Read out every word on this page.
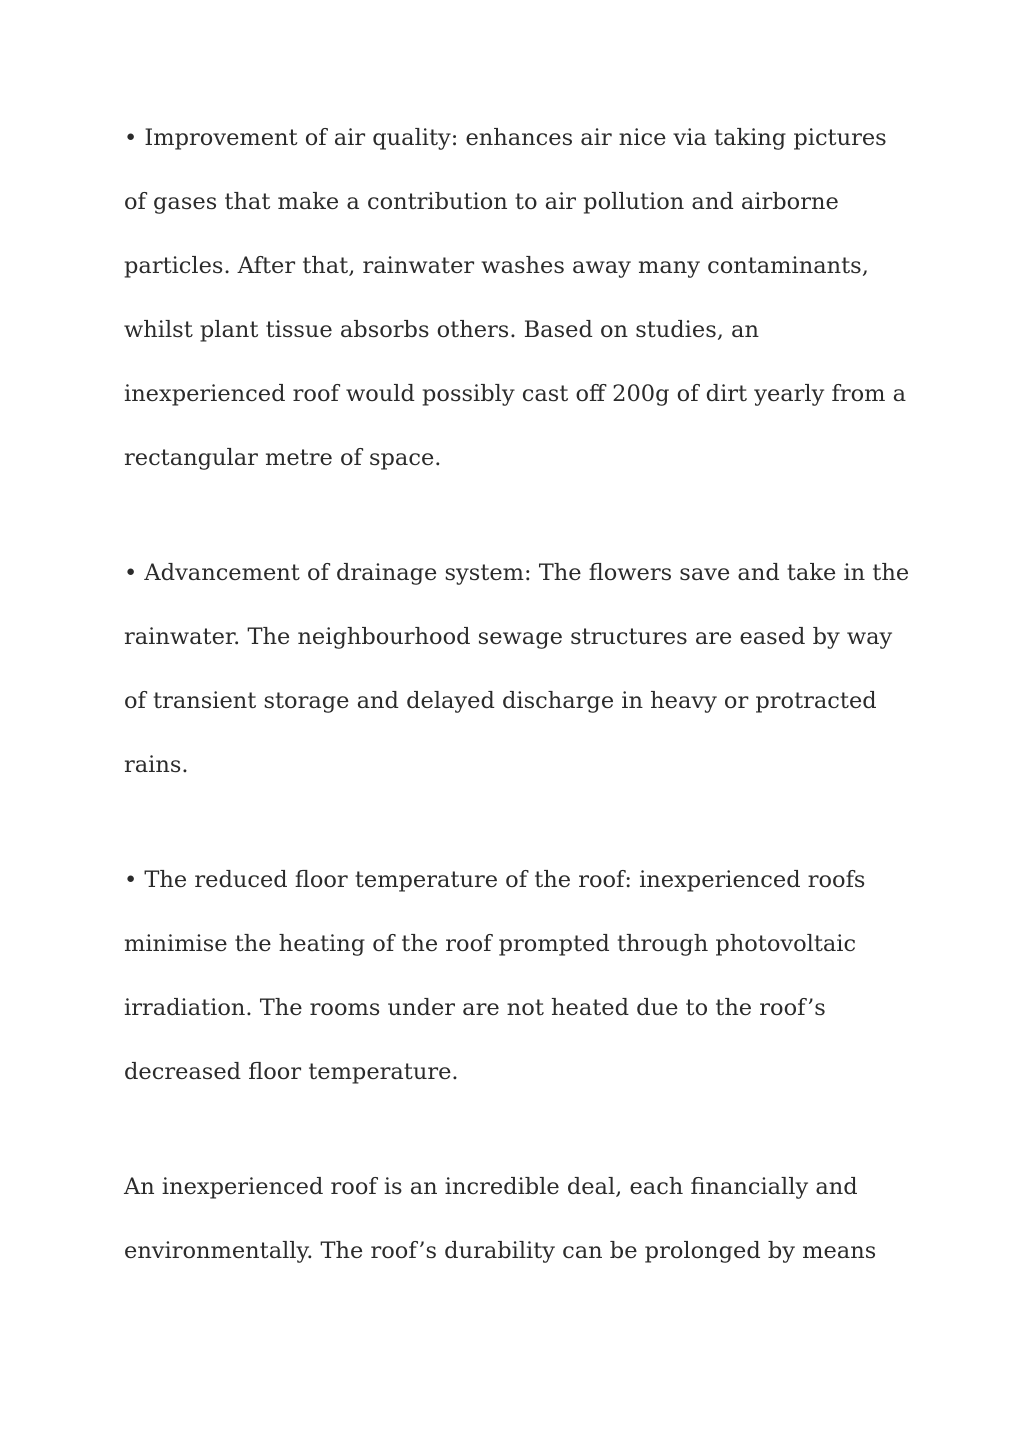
• Improvement of air quality: enhances air nice via taking pictures
of gases that make a contribution to air pollution and airborne
particles. After that, rainwater washes away many contaminants,
whilst plant tissue absorbs others. Based on studies, an
inexperienced roof would possibly cast off 200g of dirt yearly from a
rectangular metre of space.

• Advancement of drainage system: The flowers save and take in the
rainwater. The neighbourhood sewage structures are eased by way
of transient storage and delayed discharge in heavy or protracted
rains.

• The reduced floor temperature of the roof: inexperienced roofs
minimise the heating of the roof prompted through photovoltaic
irradiation. The rooms under are not heated due to the roof’s
decreased floor temperature.

An inexperienced roof is an incredible deal, each financially and
environmentally. The roof’s durability can be prolonged by means
